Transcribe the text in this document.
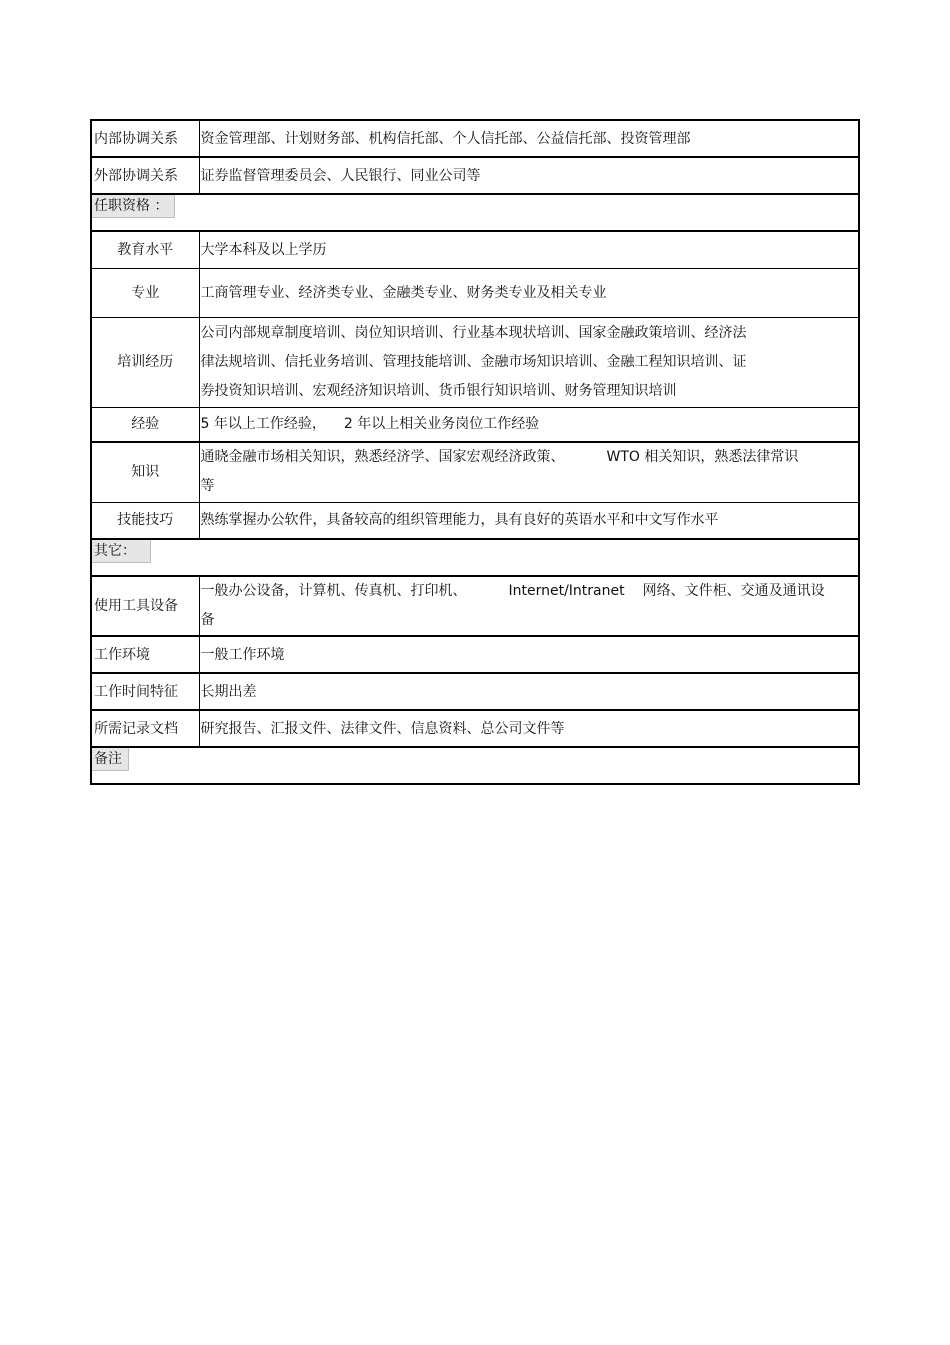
内部协调关系	资金管理部、计划财务部、机构信托部、个人信托部、公益信托部、投资管理部
外部协调关系	证券监督管理委员会、人民银行、同业公司等
任职资格 ：	
教育水平	大学本科及以上学历
专业	工商管理专业、经济类专业、金融类专业、财务类专业及相关专业
培训经历	公司内部规章制度培训、岗位知识培训、行业基本现状培训、国家金融政策培训、经济法
律法规培训、信托业务培训、管理技能培训、金融市场知识培训、金融工程知识培训、证
券投资知识培训、宏观经济知识培训、货币银行知识培训、财务管理知识培训

经验	5 年以上工作经验， 2 年以上相关业务岗位工作经验
知识	通晓金融市场相关知识，熟悉经济学、国家宏观经济政策、 WTO 相关知识，熟悉法律常识
等

技能技巧	熟练掌握办公软件，具备较高的组织管理能力，具有良好的英语水平和中文写作水平
其它：	
使用工具设备	一般办公设备，计算机、传真机、打印机、 Internet/Intranet 网络、文件柜、交通及通讯设
备

工作环境	一般工作环境
工作时间特征	长期出差
所需记录文档	研究报告、汇报文件、法律文件、信息资料、总公司文件等
备注	
